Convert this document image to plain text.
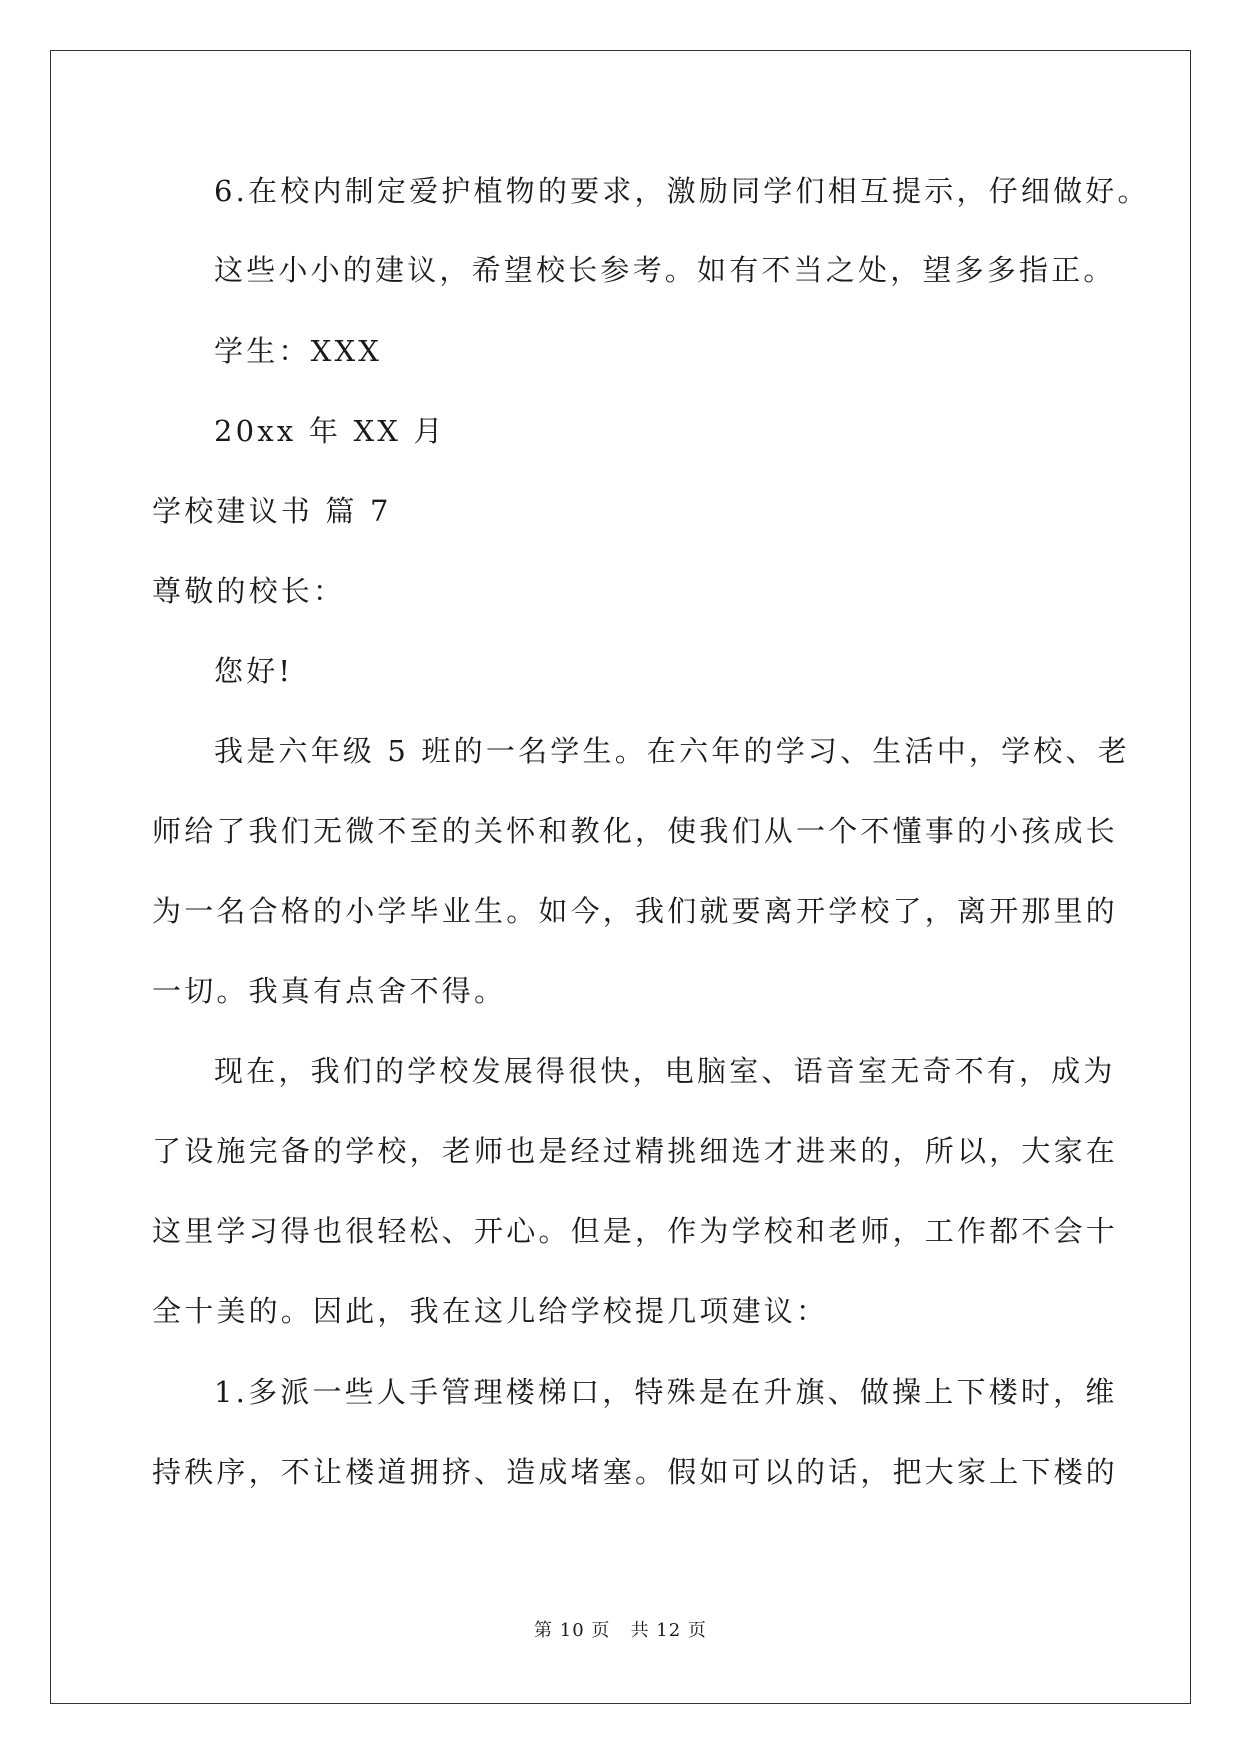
6.在校内制定爱护植物的要求，激励同学们相互提示，仔细做好。
这些小小的建议，希望校长参考。如有不当之处，望多多指正。
学生：XXX
20xx 年 XX 月
学校建议书 篇 7
尊敬的校长：
您好!
我是六年级 5 班的一名学生。在六年的学习、生活中，学校、老
师给了我们无微不至的关怀和教化，使我们从一个不懂事的小孩成长
为一名合格的小学毕业生。如今，我们就要离开学校了，离开那里的
一切。我真有点舍不得。
现在，我们的学校发展得很快，电脑室、语音室无奇不有，成为
了设施完备的学校，老师也是经过精挑细选才进来的，所以，大家在
这里学习得也很轻松、开心。但是，作为学校和老师，工作都不会十
全十美的。因此，我在这儿给学校提几项建议：
1.多派一些人手管理楼梯口，特殊是在升旗、做操上下楼时，维
持秩序，不让楼道拥挤、造成堵塞。假如可以的话，把大家上下楼的
第 10 页 共 12 页
